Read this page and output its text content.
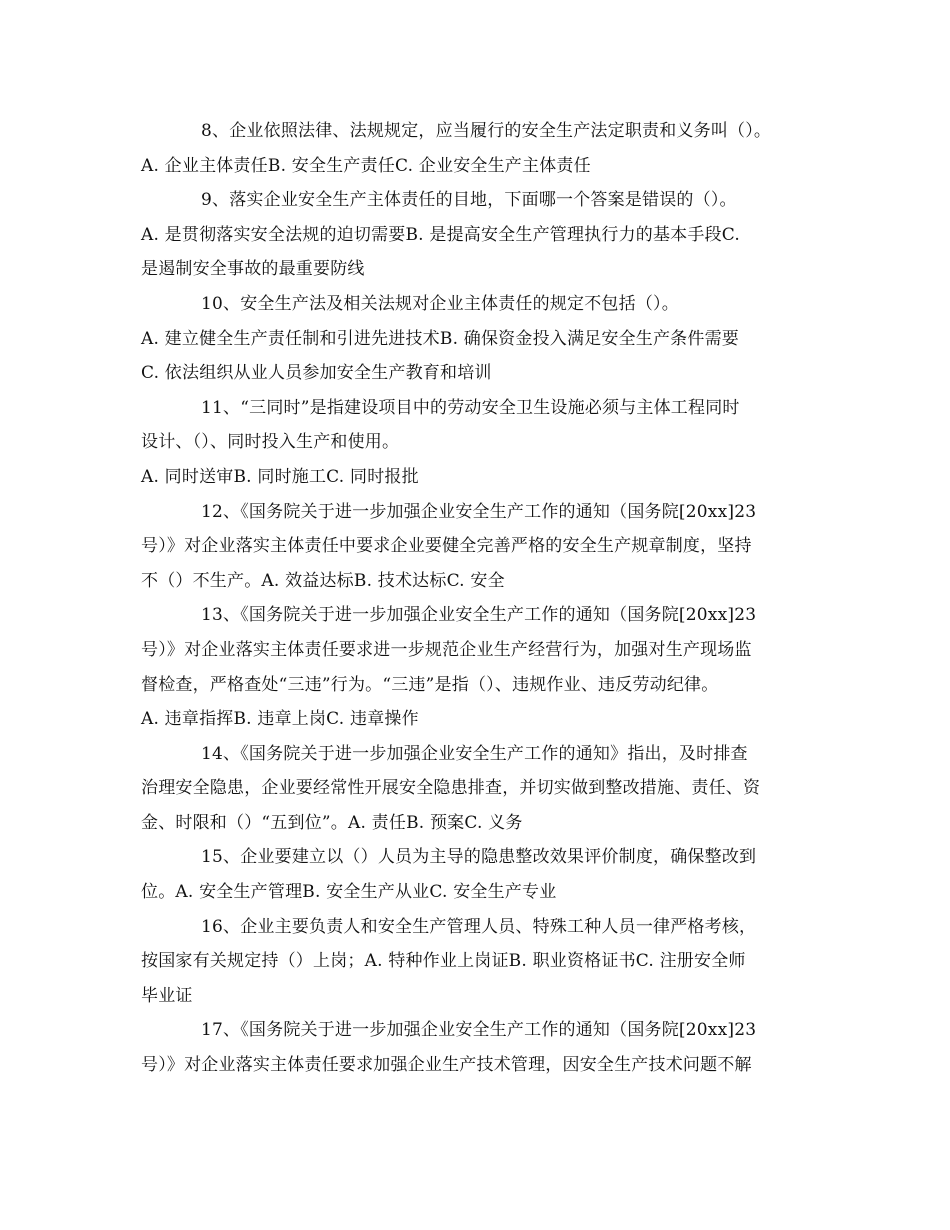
8、企业依照法律、法规规定，应当履行的安全生产法定职责和义务叫（）。
A. 企业主体责任B. 安全生产责任C. 企业安全生产主体责任
9、落实企业安全生产主体责任的目地，下面哪一个答案是错误的（）。
A. 是贯彻落实安全法规的迫切需要B. 是提高安全生产管理执行力的基本手段C.
是遏制安全事故的最重要防线
10、安全生产法及相关法规对企业主体责任的规定不包括（）。
A. 建立健全生产责任制和引进先进技术B. 确保资金投入满足安全生产条件需要
C. 依法组织从业人员参加安全生产教育和培训
11、“三同时”是指建设项目中的劳动安全卫生设施必须与主体工程同时
设计、（）、同时投入生产和使用。
A. 同时送审B. 同时施工C. 同时报批
12、《国务院关于进一步加强企业安全生产工作的通知（国务院[20xx]23
号）》对企业落实主体责任中要求企业要健全完善严格的安全生产规章制度，坚持
不（）不生产。A. 效益达标B. 技术达标C. 安全
13、《国务院关于进一步加强企业安全生产工作的通知（国务院[20xx]23
号）》对企业落实主体责任要求进一步规范企业生产经营行为，加强对生产现场监
督检查，严格查处“三违”行为。“三违”是指（）、违规作业、违反劳动纪律。
A. 违章指挥B. 违章上岗C. 违章操作
14、《国务院关于进一步加强企业安全生产工作的通知》指出，及时排查
治理安全隐患，企业要经常性开展安全隐患排查，并切实做到整改措施、责任、资
金、时限和（）“五到位”。A. 责任B. 预案C. 义务
15、企业要建立以（）人员为主导的隐患整改效果评价制度，确保整改到
位。A. 安全生产管理B. 安全生产从业C. 安全生产专业
16、企业主要负责人和安全生产管理人员、特殊工种人员一律严格考核，
按国家有关规定持（）上岗；A. 特种作业上岗证B. 职业资格证书C. 注册安全师
毕业证
17、《国务院关于进一步加强企业安全生产工作的通知（国务院[20xx]23
号）》对企业落实主体责任要求加强企业生产技术管理，因安全生产技术问题不解
